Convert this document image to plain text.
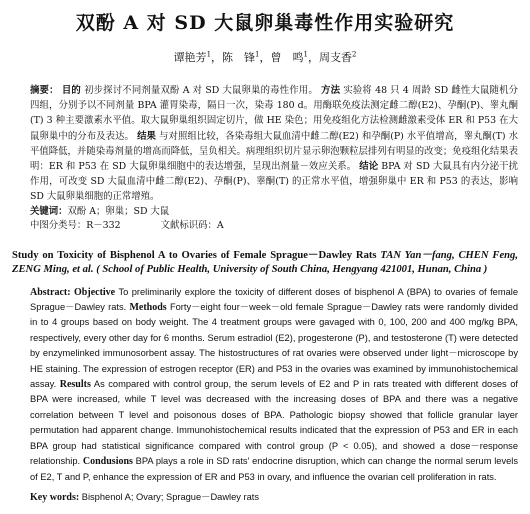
双酚 A 对 SD 大鼠卵巢毒性作用实验研究
谭艳芳$^1$，陈　锋$^1$，曾　鸣$^1$，周支香$^2$
摘要： 目的 初步探讨不同剂量双酚 A 对 SD 大鼠卵巢的毒性作用。 方法 实验将 48 只 4 周龄 SD 雌性大鼠随机分四组，分别予以不同剂量 BPA 灌胃染毒，隔日一次，染毒 180 d。用酶联免疫法测定雌二醇(E2)、孕酮(P)、睾丸酮(T) 3 种主要激素水平值。取大鼠卵巢组织固定切片，做 HE 染色；用免疫组化方法检测雌激素受体 ER 和 P53 在大鼠卵巢中的分布及表达。 结果 与对照组比较，各染毒组大鼠血清中雌二醇(E2) 和孕酮(P) 水平值增高，睾丸酮(T) 水平值降低，并随染毒剂量的增高而降低，呈负相关。病理组织切片显示卵泡颗粒层排列有明显的改变；免疫组化结果表明：ER 和 P53 在 SD 大鼠卵巢细胞中的表达增强，呈现出剂量－效应关系。 结论 BPA 对 SD 大鼠具有内分泌干扰作用，可改变 SD 大鼠血清中雌二醇(E2)、孕酮(P)、睾酮(T) 的正常水平值，增强卵巢中 ER 和 P53 的表达，影响 SD 大鼠卵巢细胞的正常增殖。
关键词：双酚 A；卵巢；SD 大鼠
中图分类号：R－332	文献标识码：A
Study on Toxicity of Bisphenol A to Ovaries of Female Sprague－Dawley Rats TAN Yan－fang, CHEN Feng, ZENG Ming, et al. ( School of Public Health, University of South China, Hengyang 421001, Hunan, China )
Abstract: Objective To preliminarily explore the toxicity of different doses of bisphenol A (BPA) to ovaries of female Sprague－Dawley rats. Methods Forty－eight four－week－old female Sprague－Dawley rats were randomly divided in to 4 groups based on body weight. The 4 treatment groups were gavaged with 0, 100, 200 and 400 mg/kg BPA, respectively, every other day for 6 months. Serum estradiol (E2), progesterone (P), and testosterone (T) were detected by enzymelinked immunosorbent assay. The histostructures of rat ovaries were observed under light－microscope by HE staining. The expression of estrogen receptor (ER) and P53 in the ovaries was examined by immunohistochemical assay. Results As compared with control group, the serum levels of E2 and P in rats treated with different doses of BPA were increased, while T level was decreased with the increasing doses of BPA and there was a negative correlation between T level and poisonous doses of BPA. Pathologic biopsy showed that follicle granular layer permutation had apparent change. Immunohistochemical results indicated that the expression of P53 and ER in each BPA group had statistical significance compared with control group (P < 0.05), and showed a dose－response relationship. Condusions BPA plays a role in SD rats' endocrine disruption, which can change the normal serum levels of E2, T and P, enhance the expression of ER and P53 in ovary, and influence the ovarian cell proliferation in rats.
Key words: Bisphenol A; Ovary; Sprague－Dawley rats
